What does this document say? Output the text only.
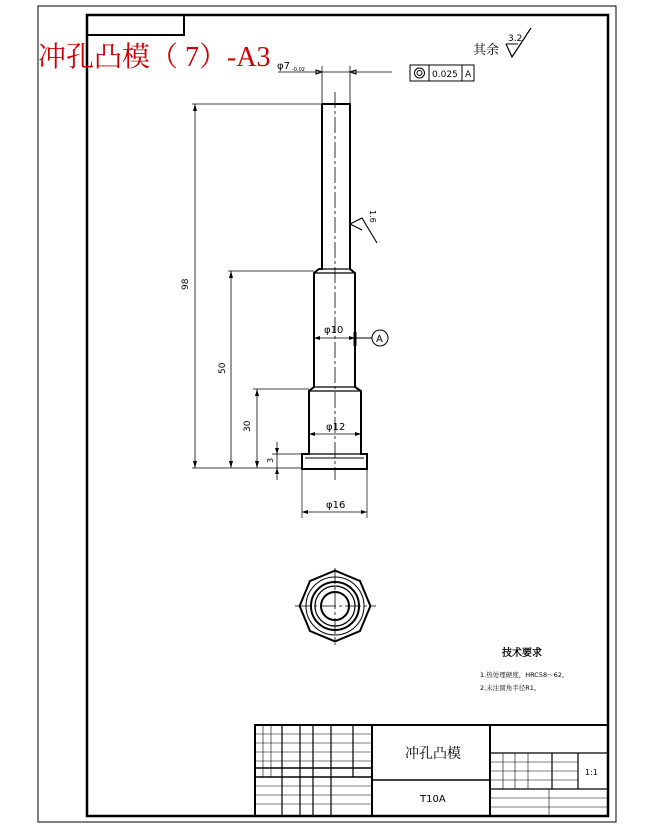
冲孔凸模（ 7）-A3	其余
3.2
φ7 -0.02	0.025 A
1.6
98
50
30
3
φ10
φ12
φ16
A
技术要求
1.热处理硬度，HRC58～62。
2.未注圆角半径R1。
冲孔凸模
T10A
1:1
